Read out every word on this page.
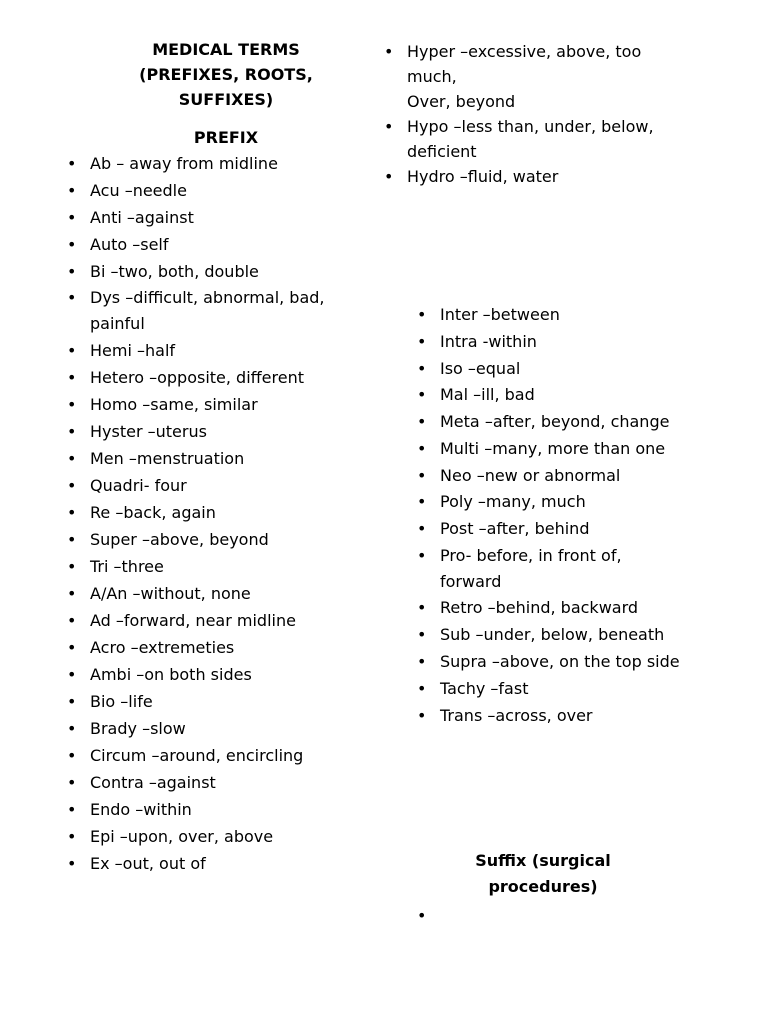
MEDICAL TERMS
(PREFIXES, ROOTS,
SUFFIXES)
PREFIX
• Ab – away from midline
• Acu –needle
• Anti –against
• Auto –self
• Bi –two, both, double
• Dys –difficult, abnormal, bad, painful
• Hemi –half
• Hetero –opposite, different
• Homo –same, similar
• Hyster –uterus
• Men –menstruation
• Quadri- four
• Re –back, again
• Super –above, beyond
• Tri –three
• A/An –without, none
• Ad –forward, near midline
• Acro –extremeties
• Ambi –on both sides
• Bio –life
• Brady –slow
• Circum –around, encircling
• Contra –against
• Endo –within
• Epi –upon, over, above
• Ex –out, out of
• Hyper –excessive, above, too much,
Over, beyond
• Hypo –less than, under, below, deficient
• Hydro –fluid, water
• Inter –between
• Intra -within
• Iso –equal
• Mal –ill, bad
• Meta –after, beyond, change
• Multi –many, more than one
• Neo –new or abnormal
• Poly –many, much
• Post –after, behind
• Pro- before, in front of, forward
• Retro –behind, backward
• Sub –under, below, beneath
• Supra –above, on the top side
• Tachy –fast
• Trans –across, over
Suffix (surgical
procedures)
•
